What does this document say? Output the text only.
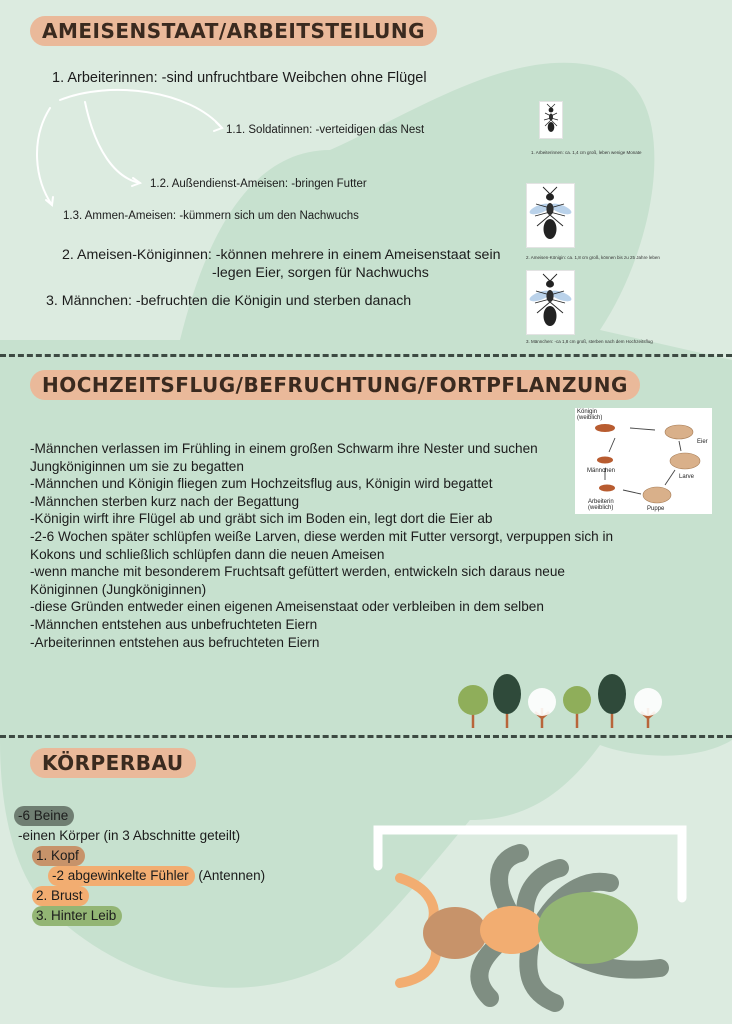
AMEISENSTAAT/ARBEITSTEILUNG
1. Arbeiterinnen: -sind unfruchtbare Weibchen ohne Flügel
1.1. Soldatinnen: -verteidigen das Nest
1.2. Außendienst-Ameisen: -bringen Futter
1.3. Ammen-Ameisen: -kümmern sich um den Nachwuchs
2. Ameisen-Königinnen: -können mehrere in einem Ameisenstaat sein
-legen Eier, sorgen für Nachwuchs
3. Männchen: -befruchten die Königin und sterben danach
1. Arbeiterinnen: ca. 1,4 cm groß, leben wenige Monate
2. Ameisen-Königin: ca. 1,8 cm groß, können bis zu 25 Jahre leben
3. Männchen: -ca 1,8 cm groß, sterben nach dem Hochzeitsflug
HOCHZEITSFLUG/BEFRUCHTUNG/FORTPFLANZUNG
Königin
(weiblich)
Eier
Männchen
Larve
Arbeiterin
(weiblich)	Puppe
-Männchen verlassen im Frühling in einem großen Schwarm ihre Nester und suchen
Jungköniginnen um sie zu begatten
-Männchen und Königin fliegen zum Hochzeitsflug aus, Königin wird begattet
-Männchen sterben kurz nach der Begattung
-Königin wirft ihre Flügel ab und gräbt sich im Boden ein, legt dort die Eier ab
-2-6 Wochen später schlüpfen weiße Larven, diese werden mit Futter versorgt, verpuppen sich in
Kokons und schließlich schlüpfen dann die neuen Ameisen
-wenn manche mit besonderem Fruchtsaft gefüttert werden, entwickeln sich daraus neue
Königinnen (Jungköniginnen)
-diese Gründen entweder einen eigenen Ameisenstaat oder verbleiben in dem selben
-Männchen entstehen aus unbefruchteten Eiern
-Arbeiterinnen entstehen aus befruchteten Eiern
KÖRPERBAU
-6 Beine
-einen Körper (in 3 Abschnitte geteilt)
1. Kopf
-2 abgewinkelte Fühler (Antennen)
2. Brust
3. Hinter Leib
